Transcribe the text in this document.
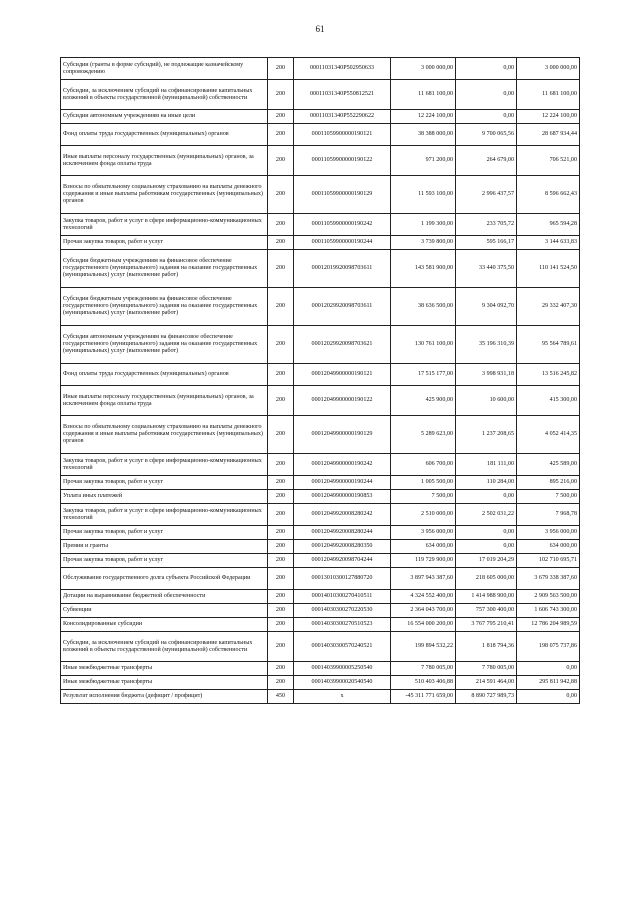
61
Субсидии (гранты в форме субсидий), не подлежащие казначейскому сопровождению	200	00011031340P502950633	3 000 000,00	0,00	3 000 000,00
Субсидии, за исключением субсидий на софинансирование капитальных вложений в объекты государственной (муниципальной) собственности	200	00011031340P550812521	11 681 100,00	0,00	11 681 100,00
Субсидии автономным учреждениям на иные цели	200	00011031340P552290622	12 224 100,00	0,00	12 224 100,00
Фонд оплаты труда государственных (муниципальных) органов	200	00011059900000190121	38 388 000,00	9 700 065,56	28 687 934,44
Иные выплаты персоналу государственных (муниципальных) органов, за исключением фонда оплаты труда	200	00011059900000190122	971 200,00	264 679,00	706 521,00
Взносы по обязательному социальному страхованию на выплаты денежного содержания и иные выплаты работникам государственных (муниципальных) органов	200	00011059900000190129	11 593 100,00	2 996 437,57	8 596 662,43
Закупка товаров, работ и услуг в сфере информационно-коммуникационных технологий	200	00011059900000190242	1 199 300,00	233 705,72	965 594,28
Прочая закупка товаров, работ и услуг	200	00011059900000190244	3 739 800,00	595 166,17	3 144 633,83
Субсидии бюджетным учреждениям на финансовое обеспечение государственного (муниципального) задания на оказание государственных (муниципальных) услуг (выполнение работ)	200	00012019920098703611	143 581 900,00	33 440 375,50	110 141 524,50
Субсидии бюджетным учреждениям на финансовое обеспечение государственного (муниципального) задания на оказание государственных (муниципальных) услуг (выполнение работ)	200	00012029920098703611	38 636 500,00	9 304 092,70	29 332 407,30
Субсидии автономным учреждениям на финансовое обеспечение государственного (муниципального) задания на оказание государственных (муниципальных) услуг (выполнение работ)	200	00012029920098703621	130 761 100,00	35 196 310,39	95 564 789,61
Фонд оплаты труда государственных (муниципальных) органов	200	00012049900000190121	17 515 177,00	3 998 931,18	13 516 245,82
Иные выплаты персоналу государственных (муниципальных) органов, за исключением фонда оплаты труда	200	00012049900000190122	425 900,00	10 600,00	415 300,00
Взносы по обязательному социальному страхованию на выплаты денежного содержания и иные выплаты работникам государственных (муниципальных) органов	200	00012049900000190129	5 289 623,00	1 237 208,65	4 052 414,35
Закупка товаров, работ и услуг в сфере информационно-коммуникационных технологий	200	00012049900000190242	606 700,00	181 111,00	425 589,00
Прочая закупка товаров, работ и услуг	200	00012049900000190244	1 005 500,00	110 284,00	895 216,00
Уплата иных платежей	200	00012049900000190853	7 500,00	0,00	7 500,00
Закупка товаров, работ и услуг в сфере информационно-коммуникационных технологий	200	00012049920008280242	2 510 000,00	2 502 031,22	7 968,78
Прочая закупка товаров, работ и услуг	200	00012049920008280244	3 956 000,00	0,00	3 956 000,00
Премии и гранты	200	00012049920008280350	634 000,00	0,00	634 000,00
Прочая закупка товаров, работ и услуг	200	00012049920098704244	119 729 900,00	17 019 204,29	102 710 695,71
Обслуживание государственного долга субъекта Российской Федерации	200	00013010300127880720	3 897 943 387,60	218 605 000,00	3 679 338 387,60
Дотации на выравнивание бюджетной обеспеченности	200	00014010300270410511	4 324 552 400,00	1 414 988 900,00	2 909 563 500,00
Субвенции	200	00014030300270220530	2 364 043 700,00	757 300 400,00	1 606 743 300,00
Консолидированные субсидии	200	00014030300270510523	16 554 000 200,00	3 767 795 210,41	12 786 204 989,59
Субсидии, за исключением субсидий на софинансирование капитальных вложений в объекты государственной (муниципальной) собственности	200	00014030300570240521	199 894 532,22	1 818 794,36	198 075 737,86
Иные межбюджетные трансферты	200	00014039900005250540	7 780 005,00	7 780 005,00	0,00
Иные межбюджетные трансферты	200	00014039900020540540	510 403 406,88	214 591 464,00	295 811 942,88
Результат исполнения бюджета (дефицит / профицит)	450	х	-45 311 771 659,00	8 890 727 989,73	0,00
